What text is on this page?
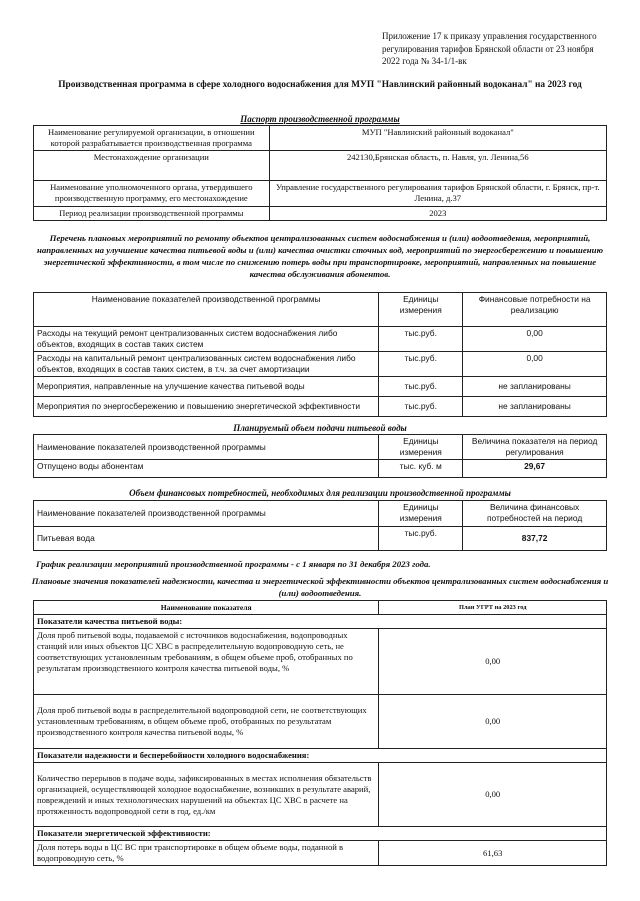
Приложение 17 к приказу управления государственного регулирования тарифов Брянской области от 23 ноября 2022 года № 34-1/1-вк
Производственная программа в сфере холодного водоснабжения для МУП "Навлинский районный водоканал" на 2023 год
Паспорт производственной программы
Наименование регулируемой организации, в отношении которой разрабатывается производственная программа	МУП "Навлинский районный водоканал"
Местонахождение организации	242130,Брянская область, п. Навля, ул. Ленина,56
Наименование уполномоченного органа, утвердившего производственную программу, его местонахождение	Управление государственного регулирования тарифов Брянской области, г. Брянск, пр-т. Ленина, д.37
Период реализации производственной программы	2023
Перечень плановых мероприятий по ремонту объектов централизованных систем водоснабжения и (или) водоотведения, мероприятий, направленных на улучшение качества питьевой воды и (или) качества очистки сточных вод, мероприятий по энергосбережению и повышению энергетической эффективности, в том числе по снижению потерь воды при транспортировке, мероприятий, направленных на повышение качества обслуживания абонентов.
Наименование показателей производственной программы	Единицы измерения	Финансовые потребности на реализацию
Расходы на текущий ремонт централизованных систем водоснабжения либо объектов, входящих в состав таких систем	тыс.руб.	0,00
Расходы на капитальный ремонт централизованных систем водоснабжения либо объектов, входящих в состав таких систем, в т.ч. за счет амортизации	тыс.руб.	0,00
Мероприятия, направленные на улучшение качества питьевой воды	тыс.руб.	не запланированы
Мероприятия по энергосбережению и повышению энергетической эффективности	тыс.руб.	не запланированы
Планируемый объем подачи питьевой воды
Наименование показателей производственной программы	Единицы измерения	Величина показателя на период регулирования
Отпущено воды абонентам	тыс. куб. м	29,67
Объем финансовых потребностей, необходимых для реализации производственной программы
Наименование показателей производственной программы	Единицы измерения	Величина финансовых потребностей на период
Питьевая вода	тыс.руб.	837,72
График реализации мероприятий производственной программы - с 1 января по 31 декабря 2023 года.
Плановые значения показателей надежности, качества и энергетической эффективности объектов централизованных систем водоснабжения и (или) водоотведения.
Наименование показателя	План УГРТ на 2023 год
Показатели качества питьевой воды:	
Доля проб питьевой воды, подаваемой с источников водоснабжения, водопроводных станций или иных объектов ЦС ХВС в распределительную водопроводную сеть, не соответствующих установленным требованиям, в общем объеме проб, отобранных по результатам производственного контроля качества питьевой воды, %	0,00
Доля проб питьевой воды в распределительной водопроводной сети, не соответствующих установленным требованиям, в общем объеме проб, отобранных по результатам производственного контроля качества питьевой воды, %	0,00
Показатели надежности и бесперебойности холодного водоснабжения:	
Количество перерывов в подаче воды, зафиксированных в местах исполнения обязательств организацией, осуществляющей холодное водоснабжение, возникших в результате аварий, повреждений и иных технологических нарушений на объектах ЦС ХВС в расчете на протяженность водопроводной сети в год, ед./км	0,00
Показатели энергетической эффективности:	
Доля потерь воды в ЦС ВС при транспортировке в общем объеме воды, поданной в водопроводную сеть, %	61,63
